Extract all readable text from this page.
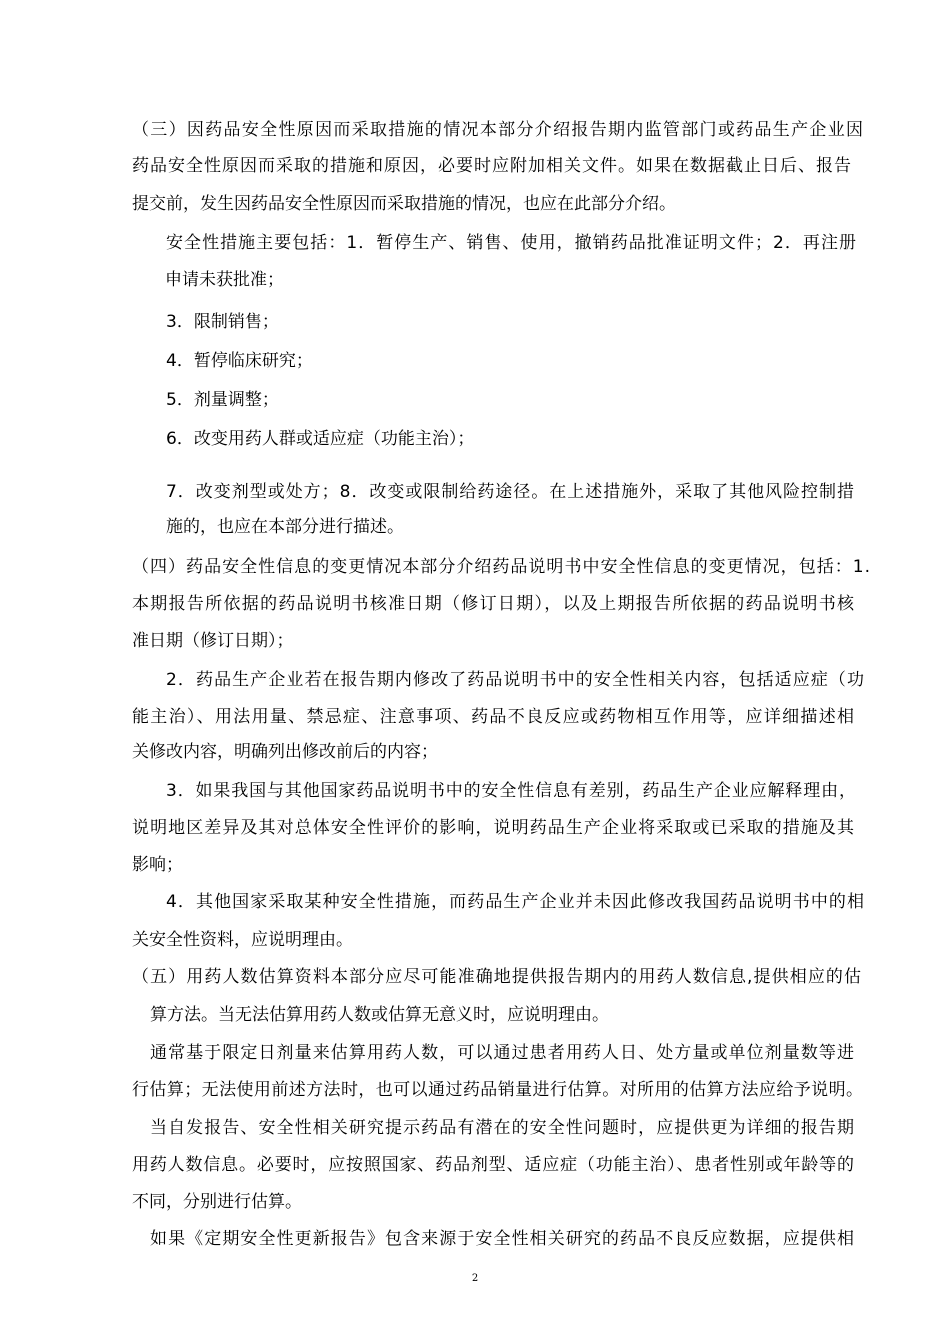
（三）因药品安全性原因而采取措施的情况本部分介绍报告期内监管部门或药品生产企业因
药品安全性原因而采取的措施和原因，必要时应附加相关文件。如果在数据截止日后、报告
提交前，发生因药品安全性原因而采取措施的情况，也应在此部分介绍。
安全性措施主要包括：1．暂停生产、销售、使用，撤销药品批准证明文件；2．再注册
申请未获批准；
3．限制销售；
4．暂停临床研究；
5．剂量调整；
6．改变用药人群或适应症（功能主治）；
7．改变剂型或处方；8．改变或限制给药途径。在上述措施外，采取了其他风险控制措
施的，也应在本部分进行描述。
（四）药品安全性信息的变更情况本部分介绍药品说明书中安全性信息的变更情况，包括：1.
本期报告所依据的药品说明书核准日期（修订日期），以及上期报告所依据的药品说明书核
准日期（修订日期）；
2．药品生产企业若在报告期内修改了药品说明书中的安全性相关内容，包括适应症（功
能主治）、用法用量、禁忌症、注意事项、药品不良反应或药物相互作用等，应详细描述相
关修改内容，明确列出修改前后的内容；
3．如果我国与其他国家药品说明书中的安全性信息有差别，药品生产企业应解释理由，
说明地区差异及其对总体安全性评价的影响，说明药品生产企业将采取或已采取的措施及其
影响；
4．其他国家采取某种安全性措施，而药品生产企业并未因此修改我国药品说明书中的相
关安全性资料，应说明理由。
（五）用药人数估算资料本部分应尽可能准确地提供报告期内的用药人数信息,提供相应的估
算方法。当无法估算用药人数或估算无意义时，应说明理由。
通常基于限定日剂量来估算用药人数，可以通过患者用药人日、处方量或单位剂量数等进
行估算；无法使用前述方法时，也可以通过药品销量进行估算。对所用的估算方法应给予说明。
当自发报告、安全性相关研究提示药品有潜在的安全性问题时，应提供更为详细的报告期
用药人数信息。必要时，应按照国家、药品剂型、适应症（功能主治）、患者性别或年龄等的
不同，分别进行估算。
如果《定期安全性更新报告》包含来源于安全性相关研究的药品不良反应数据，应提供相
2
